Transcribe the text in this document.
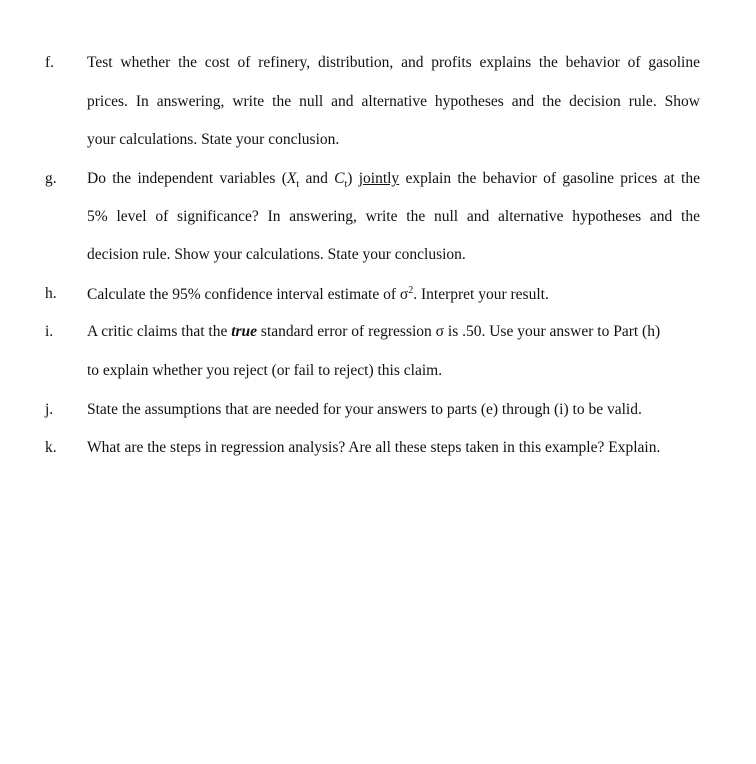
f. Test whether the cost of refinery, distribution, and profits explains the behavior of gasoline
prices. In answering, write the null and alternative hypotheses and the decision rule. Show
your calculations. State your conclusion.
g. Do the independent variables ($X_t$ and $C_t$) jointly explain the behavior of gasoline prices at the
5% level of significance? In answering, write the null and alternative hypotheses and the
decision rule. Show your calculations. State your conclusion.
h. Calculate the 95% confidence interval estimate of $\sigma^2$. Interpret your result.
i. A critic claims that the true standard error of regression σ is .50. Use your answer to Part (h)
to explain whether you reject (or fail to reject) this claim.
j. State the assumptions that are needed for your answers to parts (e) through (i) to be valid.
k. What are the steps in regression analysis? Are all these steps taken in this example? Explain.
